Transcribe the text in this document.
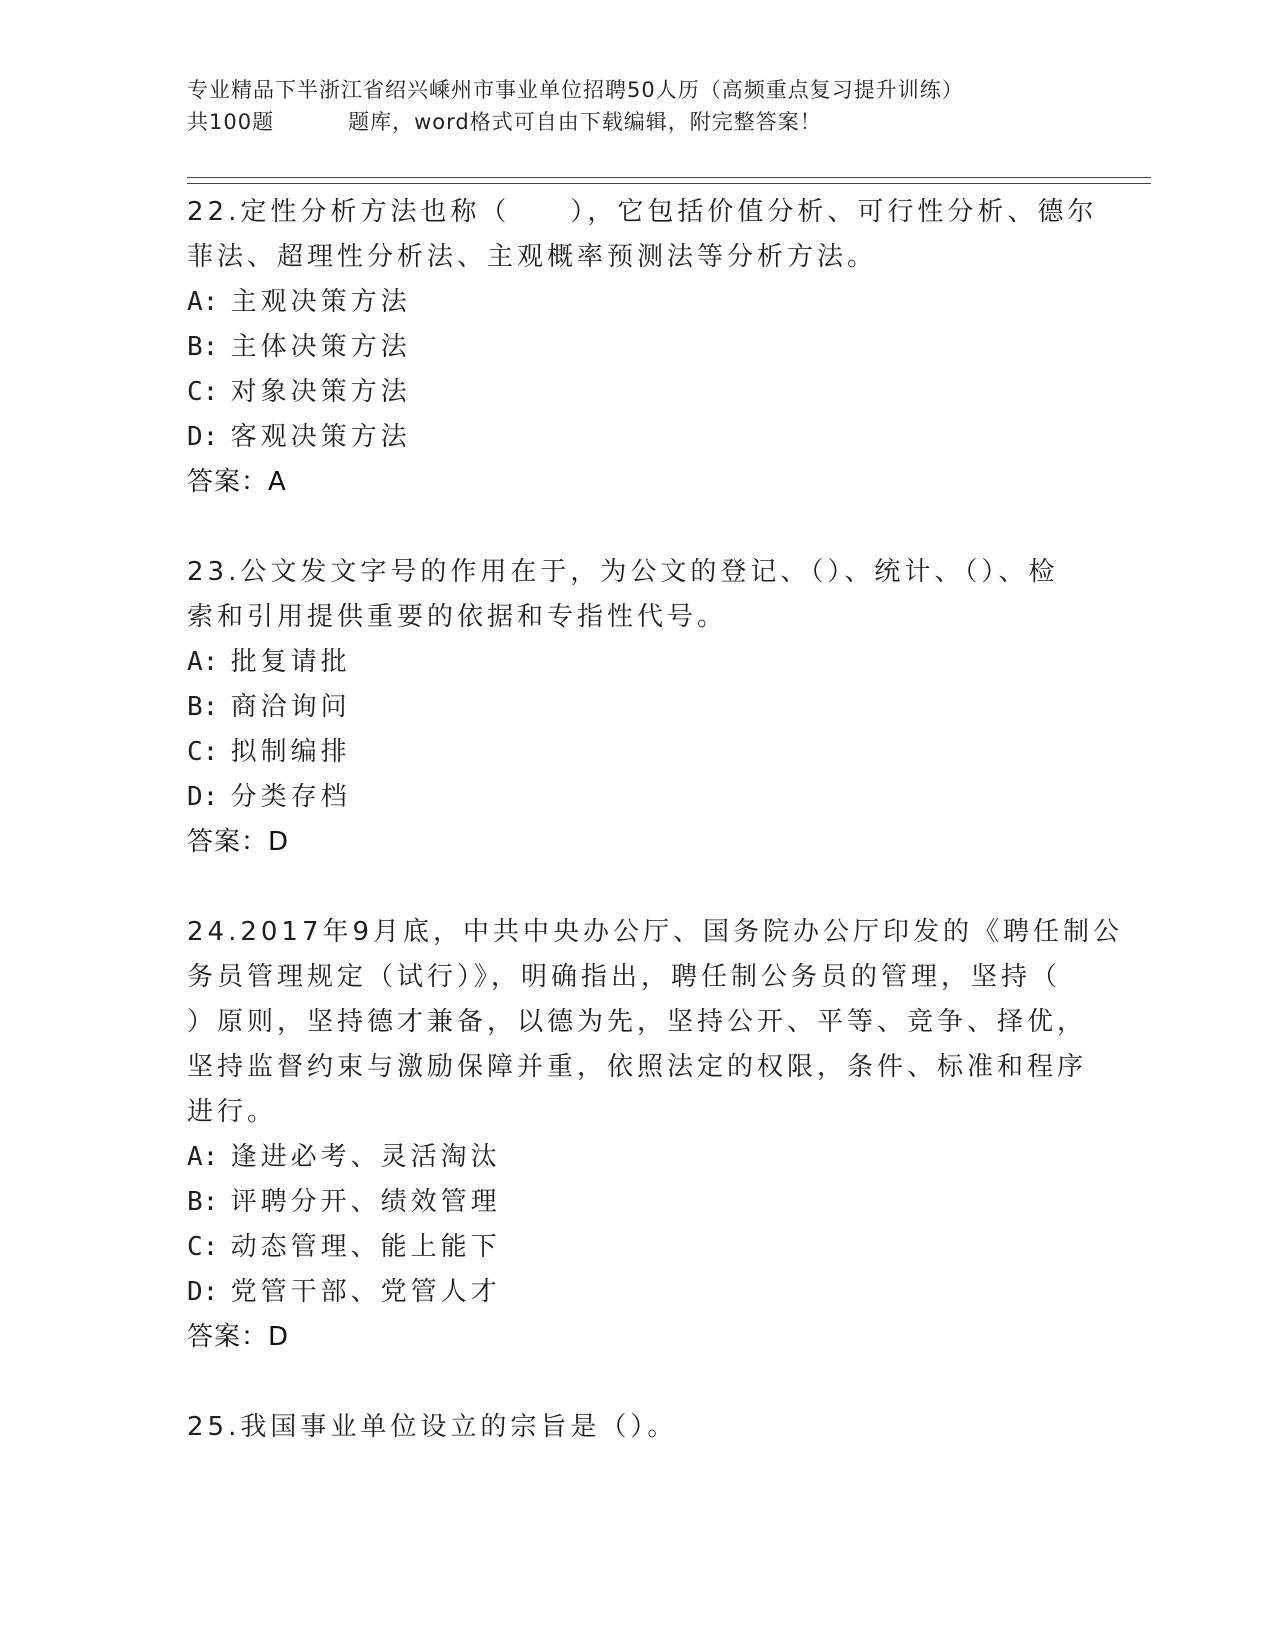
专业精品下半浙江省绍兴嵊州市事业单位招聘50人历（高频重点复习提升训练）
共100题	题库，word格式可自由下载编辑，附完整答案！
22.定性分析方法也称（　　），它包括价值分析、可行性分析、德尔
菲法、超理性分析法、主观概率预测法等分析方法。
A: 主观决策方法
B: 主体决策方法
C: 对象决策方法
D: 客观决策方法
答案：A
23.公文发文字号的作用在于，为公文的登记、（）、统计、（）、检
索和引用提供重要的依据和专指性代号。
A: 批复请批
B: 商洽询问
C: 拟制编排
D: 分类存档
答案：D
24.2017年9月底，中共中央办公厅、国务院办公厅印发的《聘任制公
务员管理规定（试行）》，明确指出，聘任制公务员的管理，坚持（
）原则，坚持德才兼备，以德为先，坚持公开、平等、竞争、择优，
坚持监督约束与激励保障并重，依照法定的权限，条件、标准和程序
进行。
A: 逢进必考、灵活淘汰
B: 评聘分开、绩效管理
C: 动态管理、能上能下
D: 党管干部、党管人才
答案：D
25.我国事业单位设立的宗旨是（）。
